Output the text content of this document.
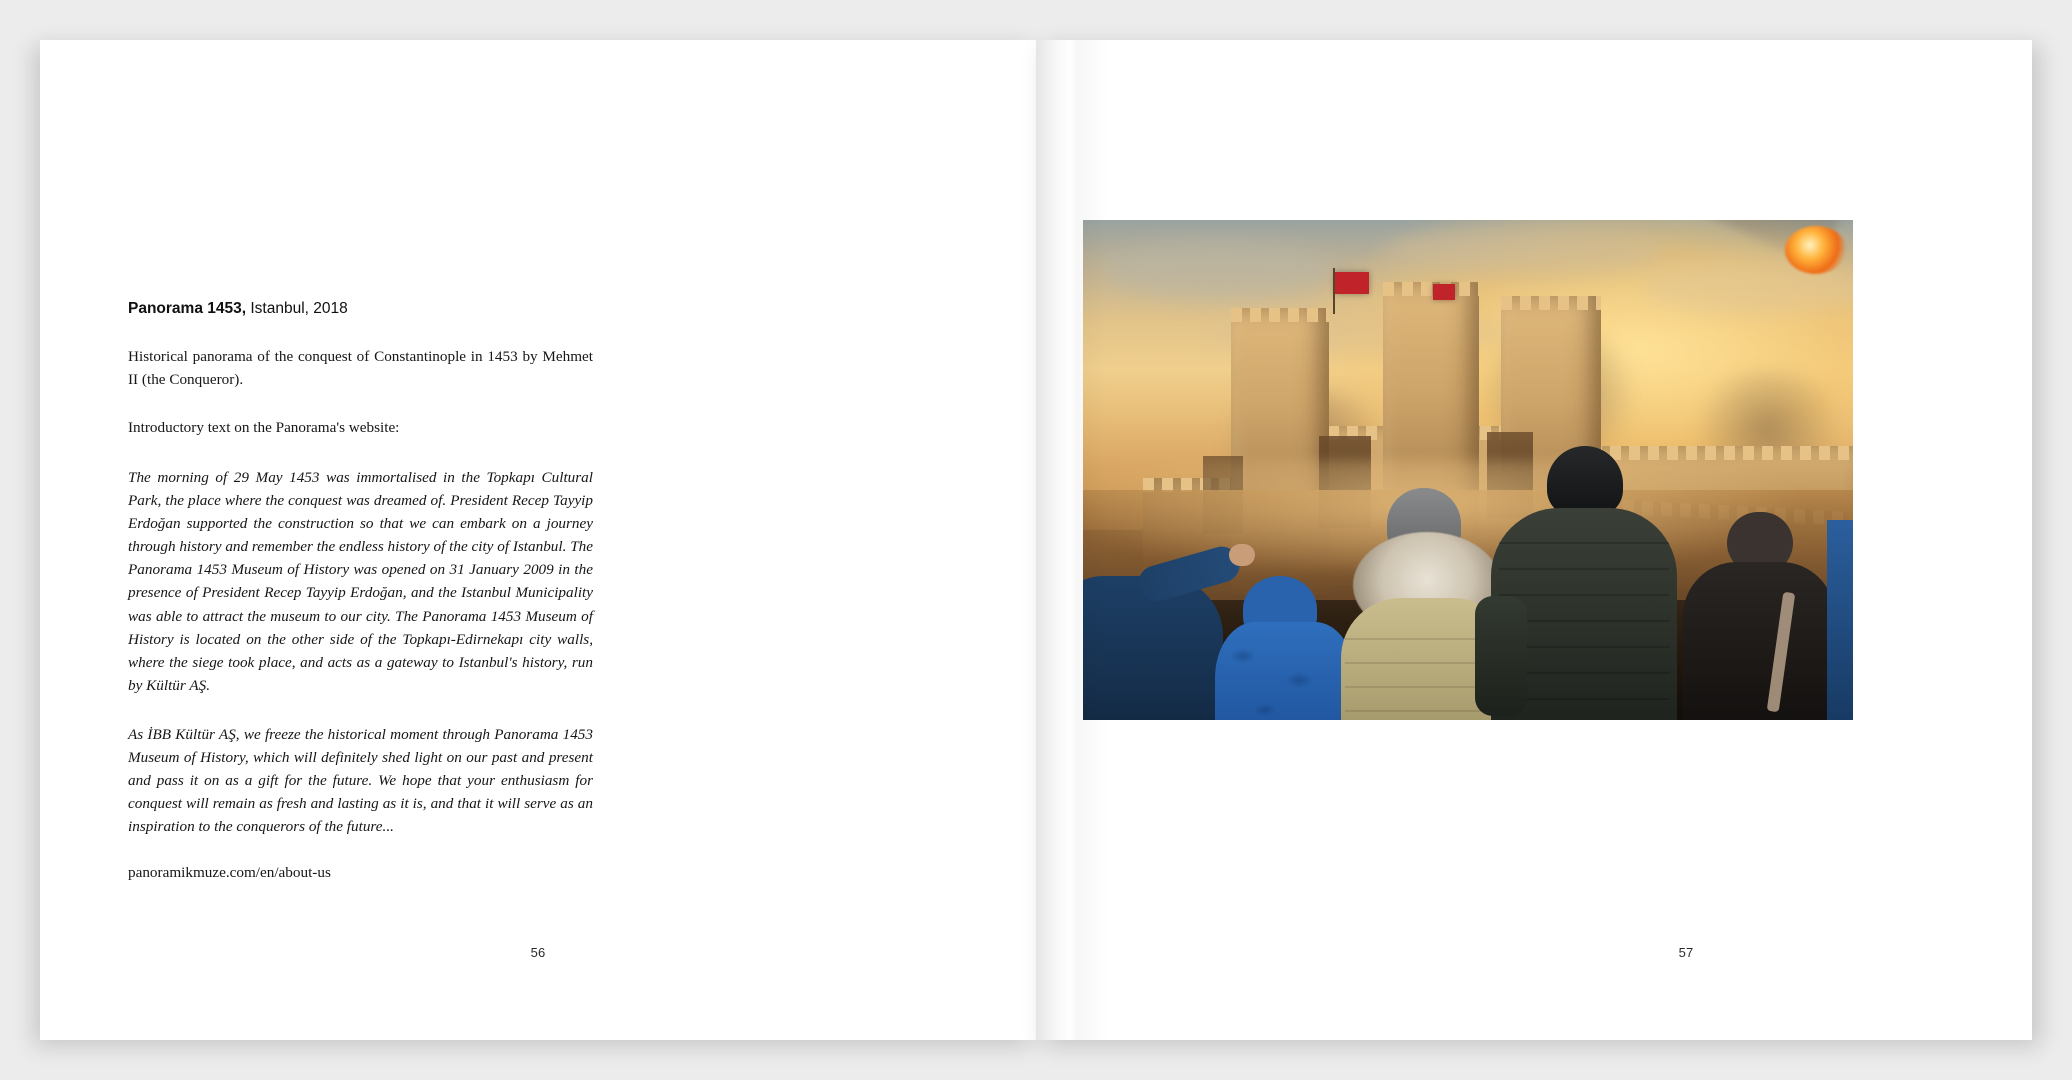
Panorama 1453, Istanbul, 2018
Historical panorama of the conquest of Constantinople in 1453 by Mehmet II (the Conqueror).
Introductory text on the Panorama's website:
The morning of 29 May 1453 was immortalised in the Topkapı Cultural Park, the place where the conquest was dreamed of. President Recep Tayyip Erdoğan supported the construction so that we can embark on a journey through history and remember the endless history of the city of Istanbul. The Panorama 1453 Museum of History was opened on 31 January 2009 in the presence of President Recep Tayyip Erdoğan, and the Istanbul Municipality was able to attract the museum to our city. The Panorama 1453 Museum of History is located on the other side of the Topkapı-Edirnekapı city walls, where the siege took place, and acts as a gateway to Istanbul's history, run by Kültür AŞ.
As İBB Kültür AŞ, we freeze the historical moment through Panorama 1453 Museum of History, which will definitely shed light on our past and present and pass it on as a gift for the future. We hope that your enthusiasm for conquest will remain as fresh and lasting as it is, and that it will serve as an inspiration to the conquerors of the future...
panoramikmuze.com/en/about-us
56	57
